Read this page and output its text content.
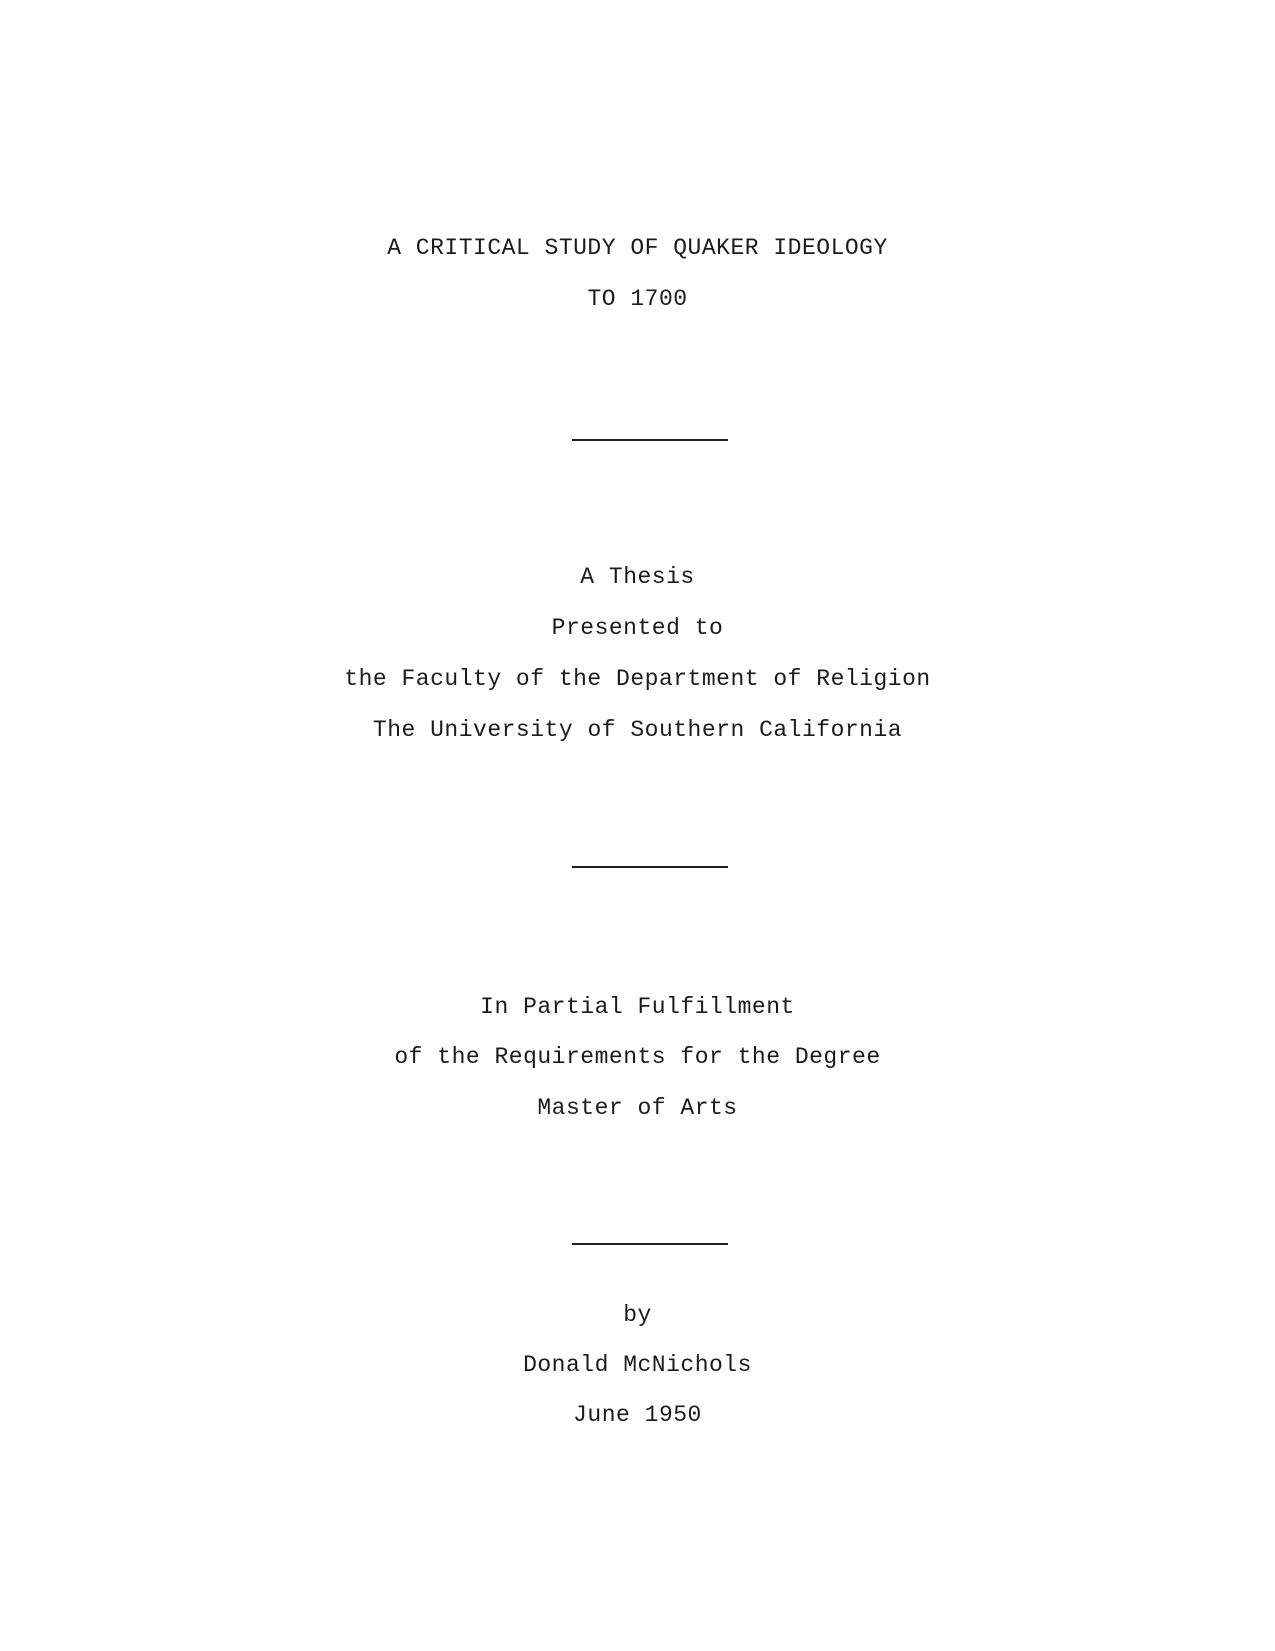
A CRITICAL STUDY OF QUAKER IDEOLOGY
TO 1700
A Thesis
Presented to
the Faculty of the Department of Religion
The University of Southern California
In Partial Fulfillment
of the Requirements for the Degree
Master of Arts
by
Donald McNichols
June 1950
